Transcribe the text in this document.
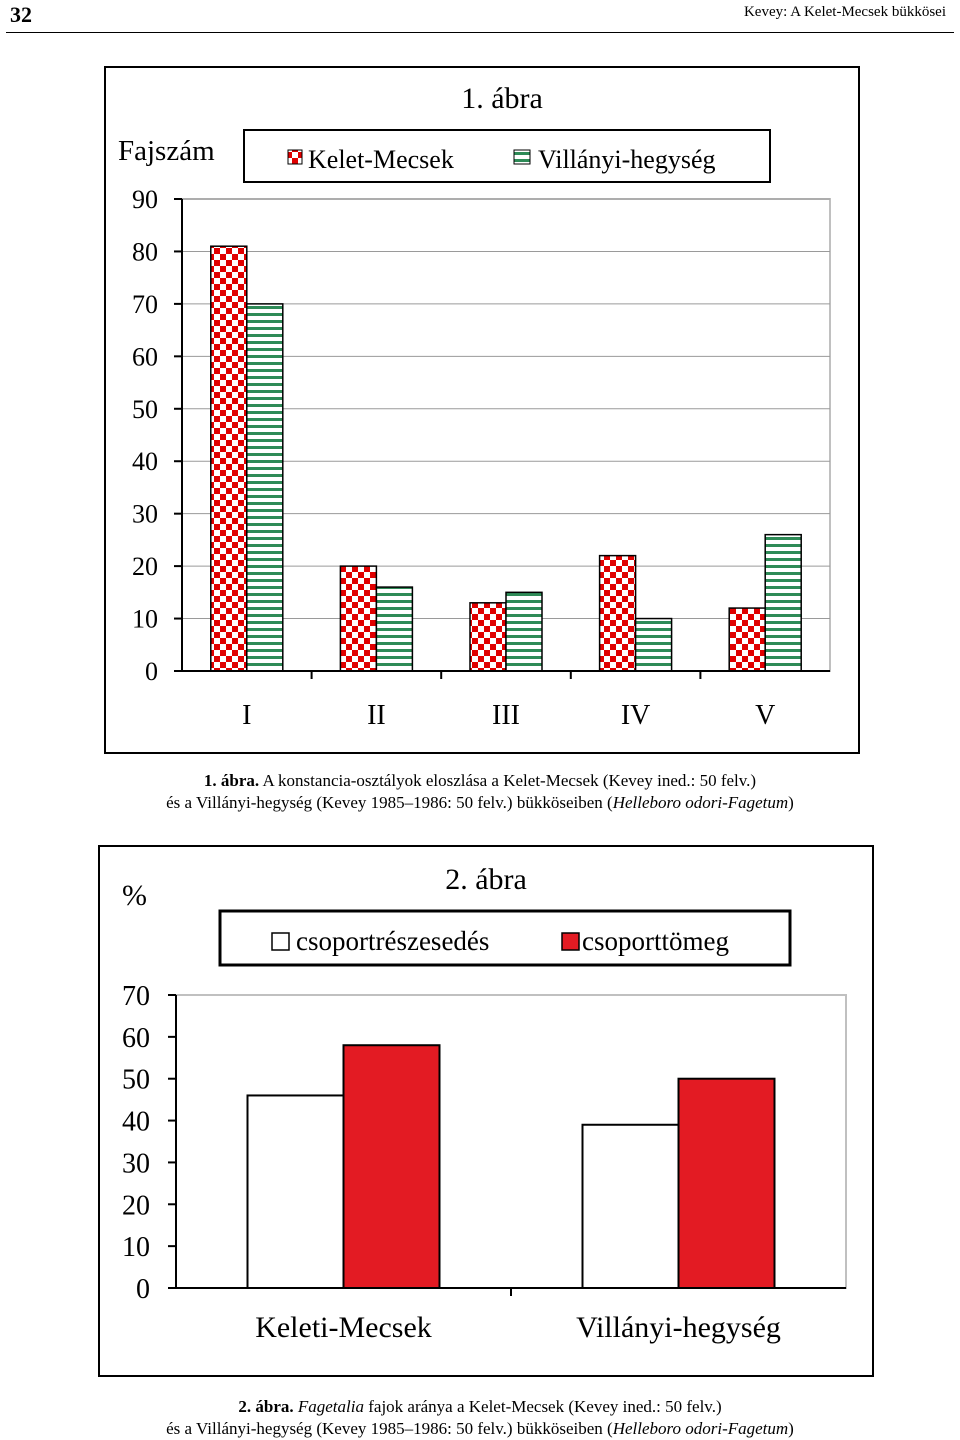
32	Kevey: A Kelet-Mecsek bükkösei
0
10
20
30
40
50
60
70
80
90
I	II	III	IV	V
1. ábra
Fajszám	Kelet-Mecsek	Villányi-hegység
1. ábra. A konstancia-osztályok eloszlása a Kelet-Mecsek (Kevey ined.: 50 felv.)
és a Villányi-hegység (Kevey 1985–1986: 50 felv.) bükköseiben (Helleboro odori-Fagetum)
0
10
20
30
40
50
60
70
Keleti-Mecsek	Villányi-hegység
2. ábra
%
csoportrészesedés	csoporttömeg
2. ábra. Fagetalia fajok aránya a Kelet-Mecsek (Kevey ined.: 50 felv.)
és a Villányi-hegység (Kevey 1985–1986: 50 felv.) bükköseiben (Helleboro odori-Fagetum)
